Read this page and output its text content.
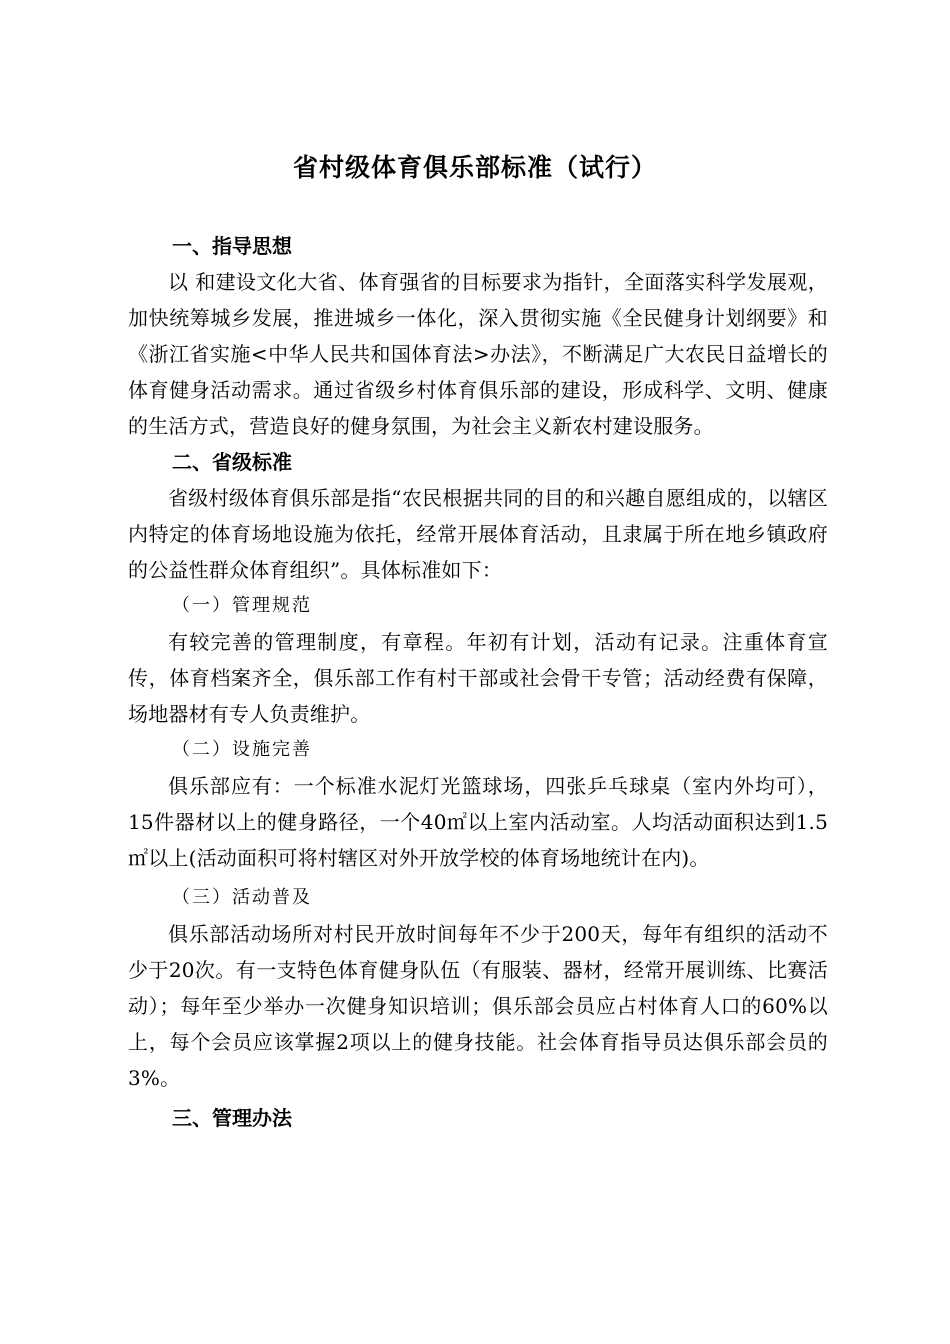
省村级体育俱乐部标准（试行）
一、指导思想

以 和建设文化大省、体育强省的目标要求为指针，全面落实科学发展观，加快统筹城乡发展，推进城乡一体化，深入贯彻实施《全民健身计划纲要》和《浙江省实施<中华人民共和国体育法>办法》，不断满足广大农民日益增长的体育健身活动需求。通过省级乡村体育俱乐部的建设，形成科学、文明、健康的生活方式，营造良好的健身氛围，为社会主义新农村建设服务。

二、省级标准

省级村级体育俱乐部是指“农民根据共同的目的和兴趣自愿组成的，以辖区内特定的体育场地设施为依托，经常开展体育活动，且隶属于所在地乡镇政府的公益性群众体育组织”。具体标准如下：

（一）管理规范

有较完善的管理制度，有章程。年初有计划，活动有记录。注重体育宣传，体育档案齐全，俱乐部工作有村干部或社会骨干专管；活动经费有保障，场地器材有专人负责维护。

（二）设施完善

俱乐部应有：一个标准水泥灯光篮球场，四张乒乓球桌（室内外均可），15件器材以上的健身路径，一个40㎡以上室内活动室。人均活动面积达到1.5㎡以上(活动面积可将村辖区对外开放学校的体育场地统计在内)。

（三）活动普及

俱乐部活动场所对村民开放时间每年不少于200天，每年有组织的活动不少于20次。有一支特色体育健身队伍（有服装、器材，经常开展训练、比赛活动）；每年至少举办一次健身知识培训；俱乐部会员应占村体育人口的60%以上，每个会员应该掌握2项以上的健身技能。社会体育指导员达俱乐部会员的3%。

三、管理办法
